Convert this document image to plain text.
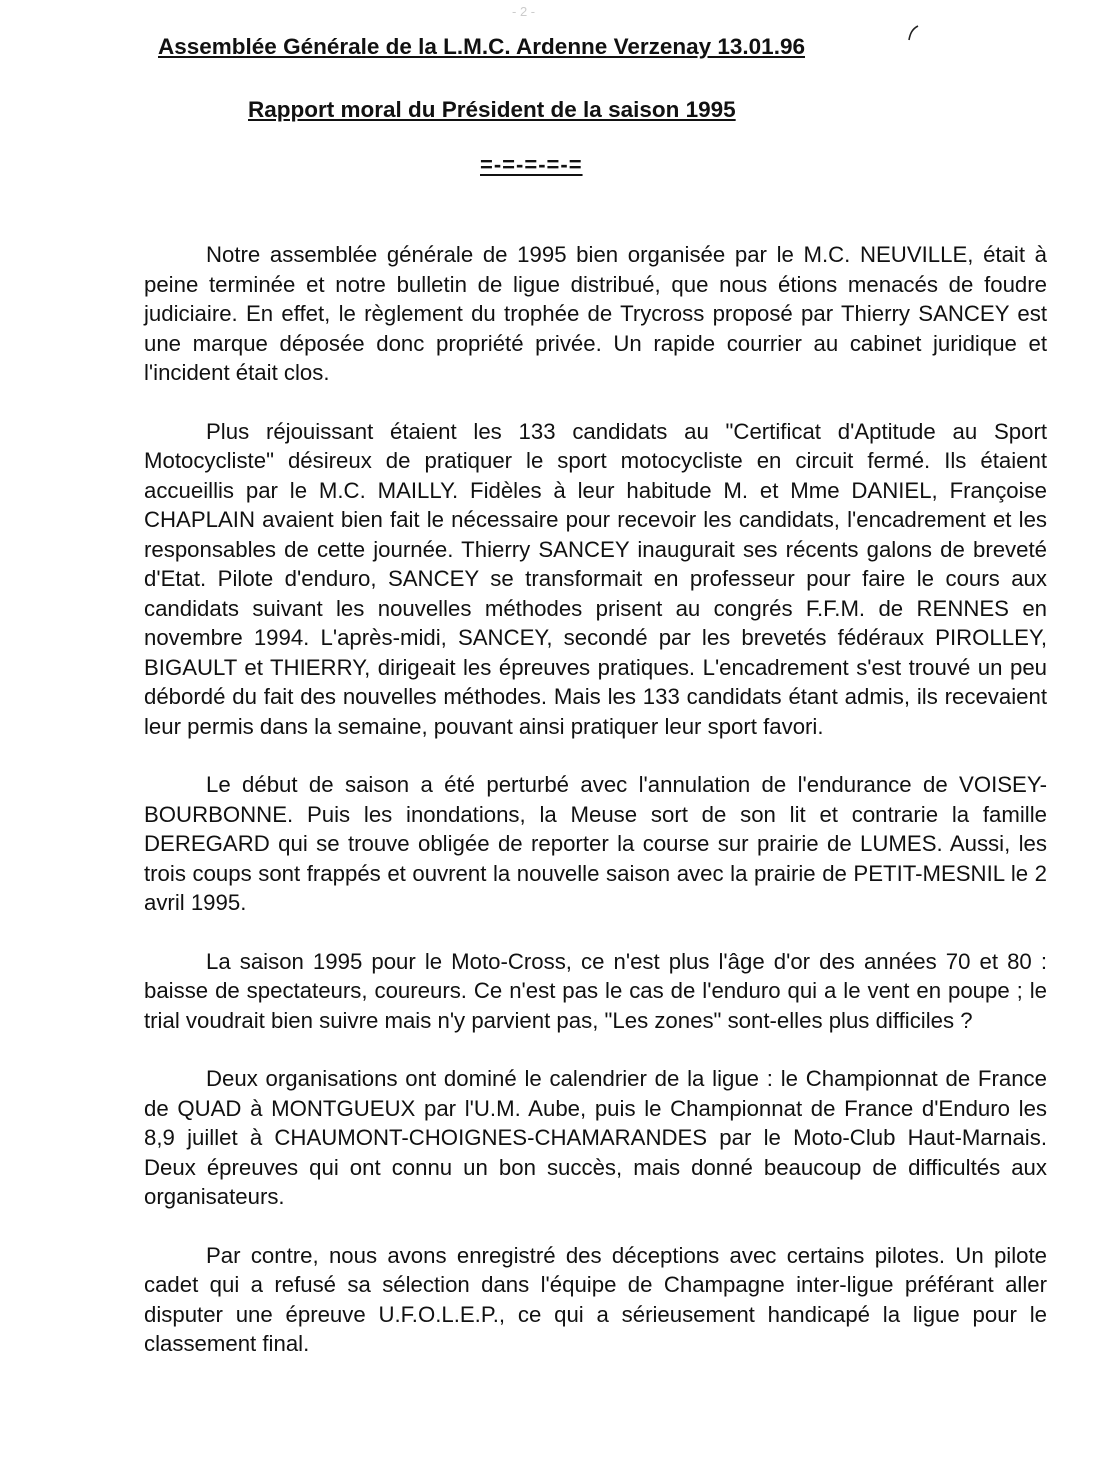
- 2 -
Assemblée Générale de la L.M.C. Ardenne Verzenay 13.01.96
Rapport moral du Président de la saison 1995
=-=-=-=-=

Notre assemblée générale de 1995 bien organisée par le M.C. NEUVILLE, était à peine terminée et notre bulletin de ligue distribué, que nous étions menacés de foudre judiciaire. En effet, le règlement du trophée de Trycross proposé par Thierry SANCEY est une marque déposée donc propriété privée. Un rapide courrier au cabinet juridique et l'incident était clos.

Plus réjouissant étaient les 133 candidats au "Certificat d'Aptitude au Sport Motocycliste" désireux de pratiquer le sport motocycliste en circuit fermé. Ils étaient accueillis par le M.C. MAILLY. Fidèles à leur habitude M. et Mme DANIEL, Françoise CHAPLAIN avaient bien fait le nécessaire pour recevoir les candidats, l'encadrement et les responsables de cette journée. Thierry SANCEY inaugurait ses récents galons de breveté d'Etat. Pilote d'enduro, SANCEY se transformait en professeur pour faire le cours aux candidats suivant les nouvelles méthodes prisent au congrés F.F.M. de RENNES en novembre 1994. L'après-midi, SANCEY, secondé par les brevetés fédéraux PIROLLEY, BIGAULT et THIERRY, dirigeait les épreuves pratiques. L'encadrement s'est trouvé un peu débordé du fait des nouvelles méthodes. Mais les 133 candidats étant admis, ils recevaient leur permis dans la semaine, pouvant ainsi pratiquer leur sport favori.

Le début de saison a été perturbé avec l'annulation de l'endurance de VOISEY-BOURBONNE. Puis les inondations, la Meuse sort de son lit et contrarie la famille DEREGARD qui se trouve obligée de reporter la course sur prairie de LUMES. Aussi, les trois coups sont frappés et ouvrent la nouvelle saison avec la prairie de PETIT-MESNIL le 2 avril 1995.

La saison 1995 pour le Moto-Cross, ce n'est plus l'âge d'or des années 70 et 80 : baisse de spectateurs, coureurs. Ce n'est pas le cas de l'enduro qui a le vent en poupe ; le trial voudrait bien suivre mais n'y parvient pas, "Les zones" sont-elles plus difficiles ?

Deux organisations ont dominé le calendrier de la ligue : le Championnat de France de QUAD à MONTGUEUX par l'U.M. Aube, puis le Championnat de France d'Enduro les 8,9 juillet à CHAUMONT-CHOIGNES-CHAMARANDES par le Moto-Club Haut-Marnais. Deux épreuves qui ont connu un bon succès, mais donné beaucoup de difficultés aux organisateurs.

Par contre, nous avons enregistré des déceptions avec certains pilotes. Un pilote cadet qui a refusé sa sélection dans l'équipe de Champagne inter-ligue préférant aller disputer une épreuve U.F.O.L.E.P., ce qui a sérieusement handicapé la ligue pour le classement final.
